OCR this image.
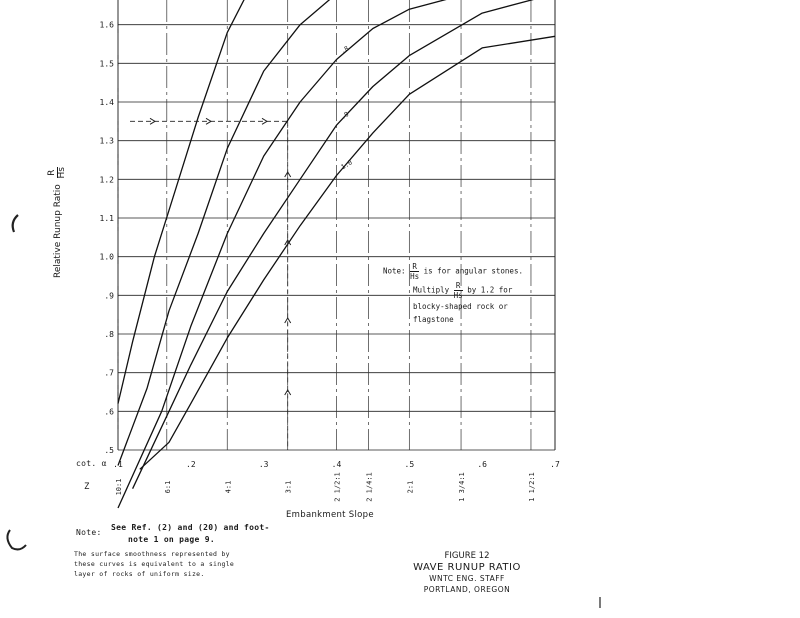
.5
.6
.7
.8
.9
1.0
1.1
1.2
1.3
1.4
1.5
1.6
.1	.2	.3	.4	.5	.6	.7
10:1	6:1	4:1	3:1	2 1/2:1	2 1/4:1	2:1	1 3/4:1	1 1/2:1
.8
.9
1.0
Relative Runup Ratio
R Hs
cot. α
Z
Embankment Slope
Note: $\frac{R}{Hs}$ is for angular stones.
Multiply $\frac{R}{Hs}$ by 1.2 for
blocky-shaped rock or
flagstone
Note:
See Ref. (2) and (20) and foot-
note 1 on page 9.
The surface smoothness represented by
these curves is equivalent to a single
layer of rocks of uniform size.
FIGURE 12
WAVE RUNUP RATIO
WNTC ENG. STAFF
PORTLAND, OREGON
